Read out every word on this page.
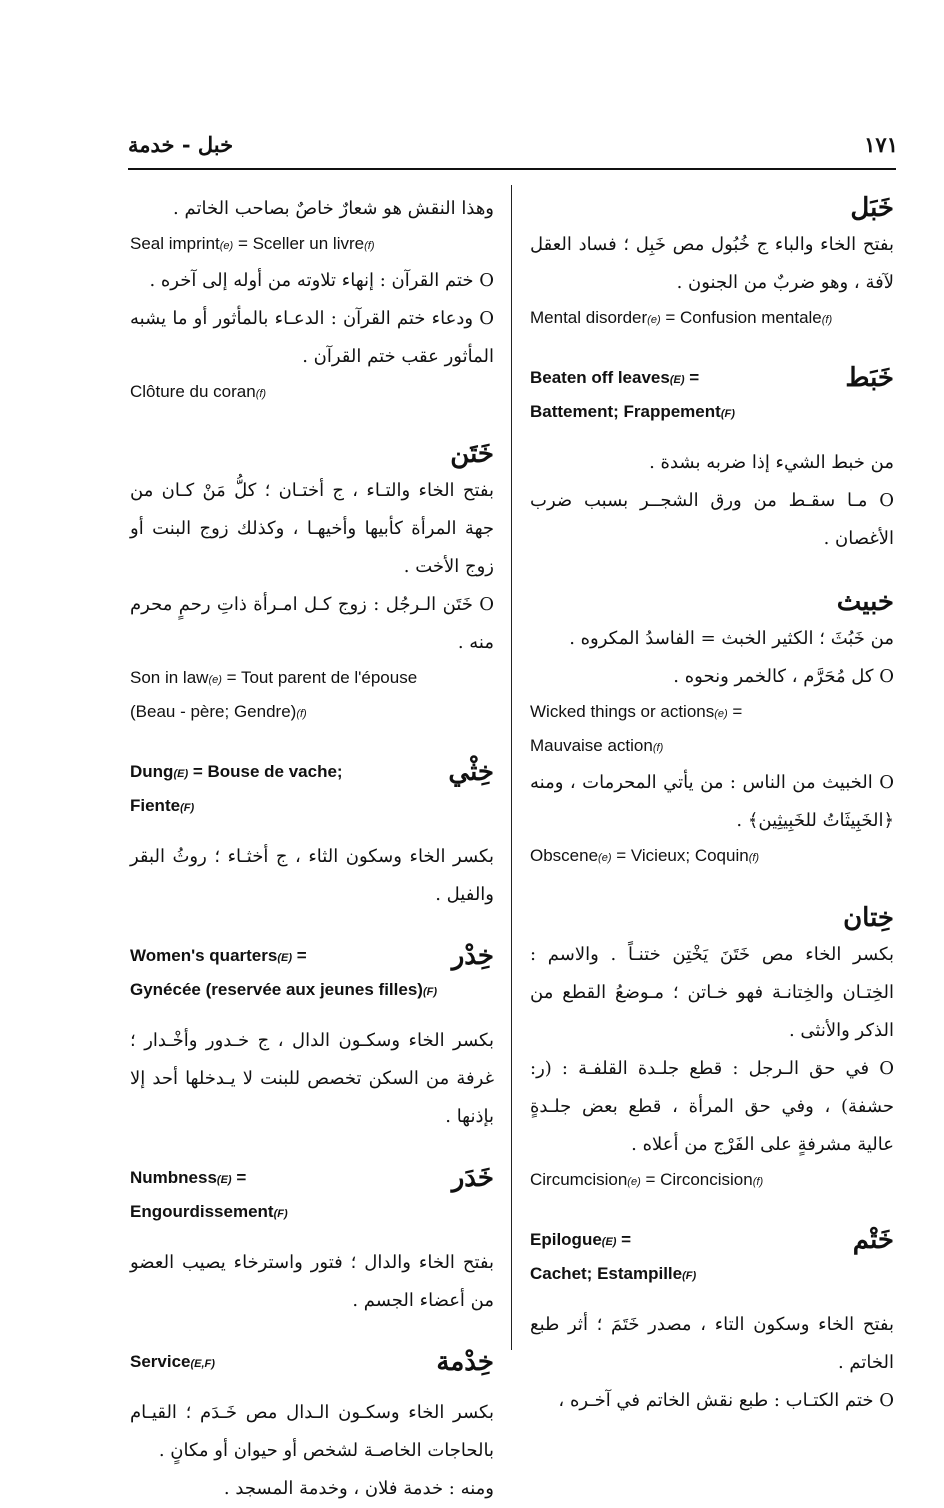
١٧١
خبل - خدمة
خَبَل
بفتح الخاء والباء ج خُبُول مص خَبِل ؛ فساد العقل لآفة ، وهو ضربٌ من الجنون .
Mental disorder(e) = Confusion mentale(f)
خَبَط
Beaten off leaves(E) =
Battement; Frappement(F)
من خبط الشيء إذا ضربه بشدة .
O مـا سقـط من ورق الشجــر بسبب ضرب الأغصان .
خبيث
من خَبُثَ ؛ الكثير الخبث = الفاسدُ المكروه .
O كل مُحَرَّم ، كالخمر ونحوه .
Wicked things or actions(e) =
Mauvaise action(f)
O الخبيث من الناس : من يأتي المحرمات ، ومنه ﴿الخَبِيثَاتُ للخَبِيثِين﴾ .
Obscene(e) = Vicieux; Coquin(f)
خِتان
بكسر الخاء مص خَتَنَ يَخْتِن ختنـاً . والاسم : الخِتـان والخِتانـة فهو خـاتن ؛ مـوضعُ القطع من الذكر والأنثى .
O في حق الـرجل : قطع جلـدة القلفـة : (ر: حشفة) ، وفي حق المرأة ، قطع بعض جلـدةٍ عالية مشرفةٍ على الفَرْج من أعلاه .
Circumcision(e) = Circoncision(f)
خَتْم
Epilogue(E) =
Cachet; Estampille(F)
بفتح الخاء وسكون التاء ، مصدر خَتَمَ ؛ أثر طبع الخاتم .
O ختم الكتـاب : طبع نقش الخاتم في آخـره ،
وهذا النقش هو شعارٌ خاصٌ بصاحب الخاتم .
Seal imprint(e) = Sceller un livre(f)
O ختم القرآن : إنهاء تلاوته من أوله إلى آخره .
O ودعاء ختم القرآن : الدعـاء بالمأثور أو ما يشبه المأثور عقب ختم القرآن .
Clôture du coran(f)
خَتَن
بفتح الخاء والتـاء ، ج أختـان ؛ كلُّ مَنْ كـان من جهة المرأة كأبيها وأخيهـا ، وكذلك زوج البنت أو زوج الأخت .
O خَتَن الـرجُل : زوج كـل امـرأة ذاتِ رحمٍ محرم منه .
Son in law(e) = Tout parent de l'épouse
(Beau - père; Gendre)(f)
خِثْي
Dung(E) = Bouse de vache;
Fiente(F)
بكسر الخاء وسكون الثاء ، ج أخثـاء ؛ روثُ البقر والفيل .
خِدْر
Women's quarters(E) =
Gynécée (reservée aux jeunes filles)(F)
بكسر الخاء وسكـون الدال ، ج خـدور وأخْـدار ؛ غرفة من السكن تخصص للبنت لا يـدخلها أحد إلا بإذنها .
خَدَر
Numbness(E) =
Engourdissement(F)
بفتح الخاء والدال ؛ فتور واسترخاء يصيب العضو من أعضاء الجسم .
خِدْمة
Service(E,F)
بكسر الخاء وسكـون الـدال مص خَـدَم ؛ القيـام بالحاجات الخاصـة لشخص أو حيوان أو مكانٍ .
ومنه : خدمة فلان ، وخدمة المسجد .
